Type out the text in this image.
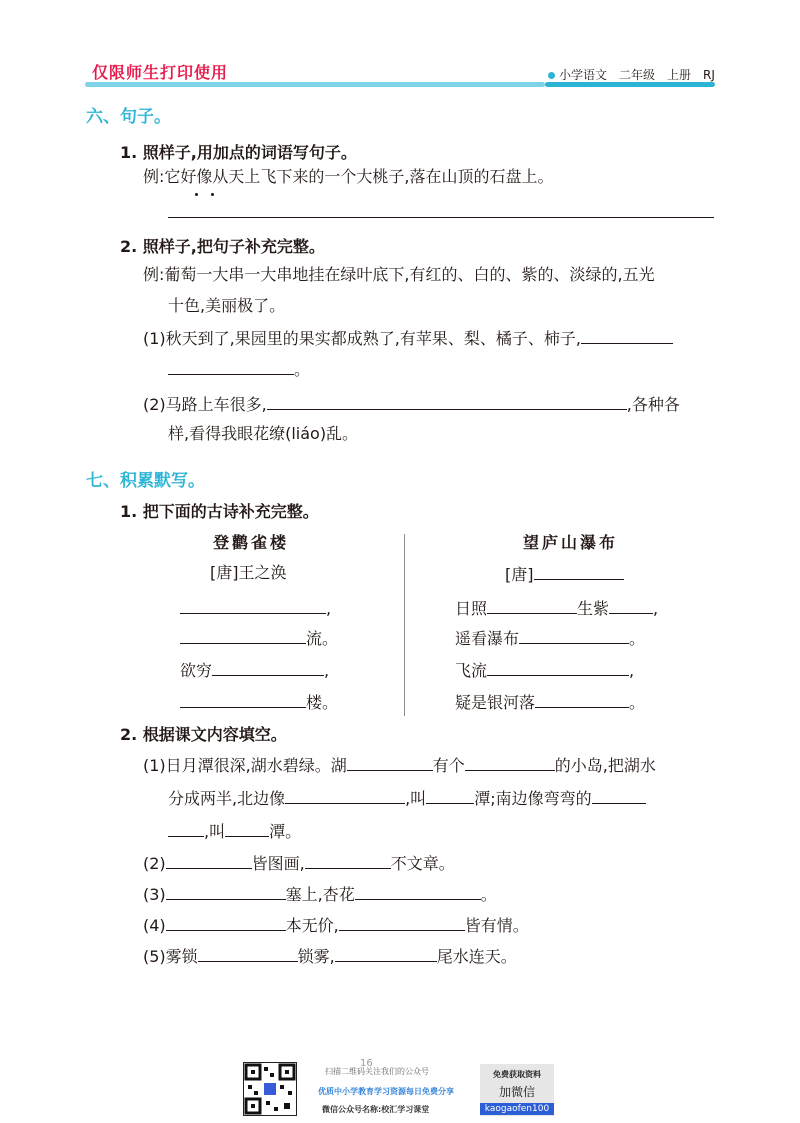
仅限师生打印使用	小学语文 二年级 上册 RJ
六、句子。
1. 照样子,用加点的词语写句子。
例:它好像从天上飞下来的一个大桃子,落在山顶的石盘上。
2. 照样子,把句子补充完整。
例:葡萄一大串一大串地挂在绿叶底下,有红的、白的、紫的、淡绿的,五光
十色,美丽极了。
(1)秋天到了,果园里的果实都成熟了,有苹果、梨、橘子、柿子,
。
(2)马路上车很多,	,各种各
样,看得我眼花缭(liáo)乱。
七、积累默写。
1. 把下面的古诗补充完整。
登鹳雀楼
[唐]王之涣
,
流。
欲穷	,
楼。
望庐山瀑布
[唐]
日照	生紫	,
遥看瀑布	。
飞流	,
疑是银河落	。
2. 根据课文内容填空。
(1)日月潭很深,湖水碧绿。湖	有个	的小岛,把湖水
分成两半,北边像	,叫	潭;南边像弯弯的
,叫	潭。
(2)	皆图画,	不文章。
(3)	塞上,杏花	。
(4)	本无价,	皆有情。
(5)雾锁	锁雾,	尾水连天。
16
扫描二维码关注我们的公众号
优质中小学教育学习资源每日免费分享
微信公众号名称:校汇学习课堂
免费获取资料
加微信
kaogaofen100
